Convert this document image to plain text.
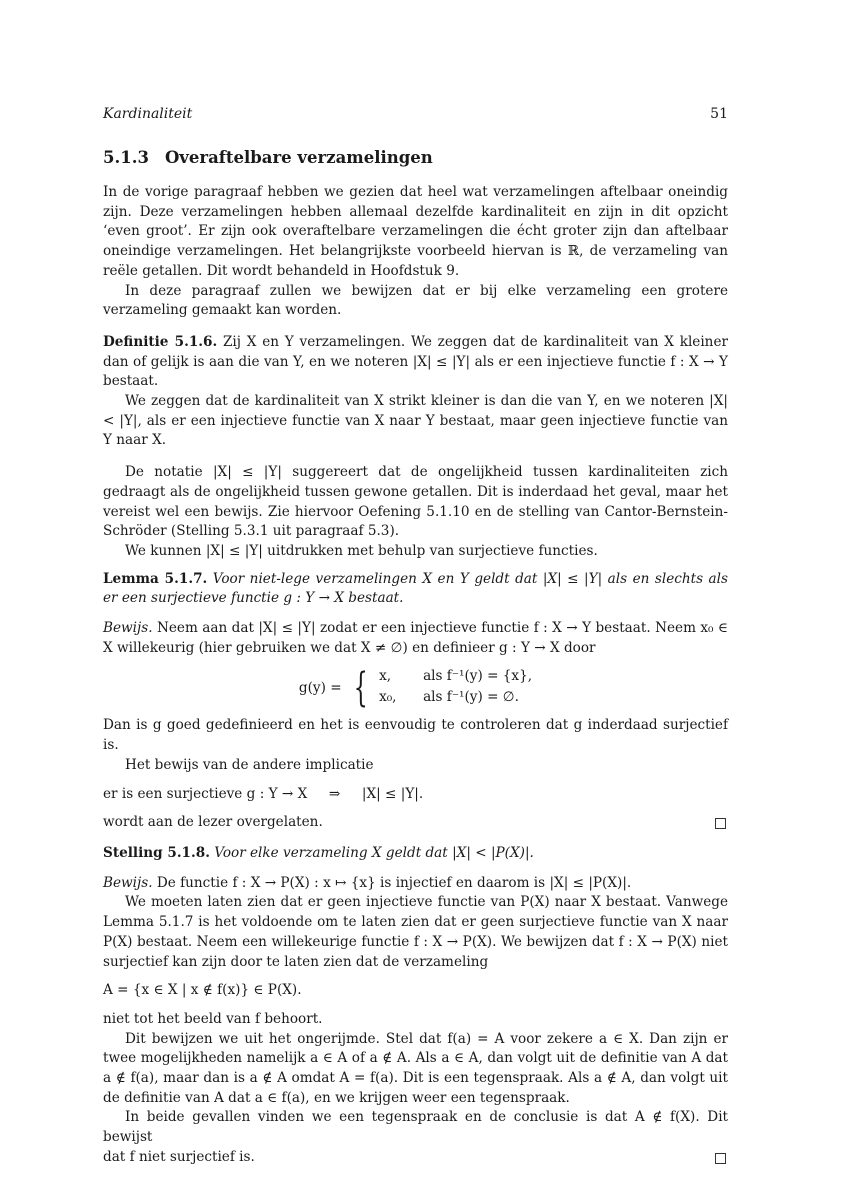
Kardinaliteit	51
5.1.3 Overaftelbare verzamelingen

In de vorige paragraaf hebben we gezien dat heel wat verzamelingen aftelbaar oneindig zijn. Deze verzamelingen hebben allemaal dezelfde kardinaliteit en zijn in dit opzicht ‘even groot’. Er zijn ook overaftelbare verzamelingen die écht groter zijn dan aftelbaar oneindige verzamelingen. Het belangrijkste voorbeeld hiervan is ℝ, de verzameling van reële getallen. Dit wordt behandeld in Hoofdstuk 9.

In deze paragraaf zullen we bewijzen dat er bij elke verzameling een grotere verzameling gemaakt kan worden.

Definitie 5.1.6. Zij X en Y verzamelingen. We zeggen dat de kardinaliteit van X kleiner dan of gelijk is aan die van Y, en we noteren |X| ≤ |Y| als er een injectieve functie f : X → Y bestaat.

We zeggen dat de kardinaliteit van X strikt kleiner is dan die van Y, en we noteren |X| < |Y|, als er een injectieve functie van X naar Y bestaat, maar geen injectieve functie van Y naar X.

De notatie |X| ≤ |Y| suggereert dat de ongelijkheid tussen kardinaliteiten zich gedraagt als de ongelijkheid tussen gewone getallen. Dit is inderdaad het geval, maar het vereist wel een bewijs. Zie hiervoor Oefening 5.1.10 en de stelling van Cantor-Bernstein-Schröder (Stelling 5.3.1 uit paragraaf 5.3).

We kunnen |X| ≤ |Y| uitdrukken met behulp van surjectieve functies.

Lemma 5.1.7. Voor niet-lege verzamelingen X en Y geldt dat |X| ≤ |Y| als en slechts als er een surjectieve functie g : Y → X bestaat.

Bewijs. Neem aan dat |X| ≤ |Y| zodat er een injectieve functie f : X → Y bestaat. Neem x₀ ∈ X willekeurig (hier gebruiken we dat X ≠ ∅) en definieer g : Y → X door

g(y) = { x,	als f⁻¹(y) = {x},
x₀,	als f⁻¹(y) = ∅.

Dan is g goed gedefinieerd en het is eenvoudig te controleren dat g inderdaad surjectief is.

Het bewijs van de andere implicatie

er is een surjectieve g : Y → X     ⇒     |X| ≤ |Y|.

wordt aan de lezer overgelaten.

Stelling 5.1.8. Voor elke verzameling X geldt dat |X| < |P(X)|.

Bewijs. De functie f : X → P(X) : x ↦ {x} is injectief en daarom is |X| ≤ |P(X)|.

We moeten laten zien dat er geen injectieve functie van P(X) naar X bestaat. Vanwege Lemma 5.1.7 is het voldoende om te laten zien dat er geen surjectieve functie van X naar P(X) bestaat. Neem een willekeurige functie f : X → P(X). We bewijzen dat f : X → P(X) niet surjectief kan zijn door te laten zien dat de verzameling

A = {x ∈ X | x ∉ f(x)} ∈ P(X).

niet tot het beeld van f behoort.

Dit bewijzen we uit het ongerijmde. Stel dat f(a) = A voor zekere a ∈ X. Dan zijn er twee mogelijkheden namelijk a ∈ A of a ∉ A. Als a ∈ A, dan volgt uit de definitie van A dat a ∉ f(a), maar dan is a ∉ A omdat A = f(a). Dit is een tegenspraak. Als a ∉ A, dan volgt uit de definitie van A dat a ∈ f(a), en we krijgen weer een tegenspraak.

In beide gevallen vinden we een tegenspraak en de conclusie is dat A ∉ f(X). Dit bewijst

dat f niet surjectief is.
